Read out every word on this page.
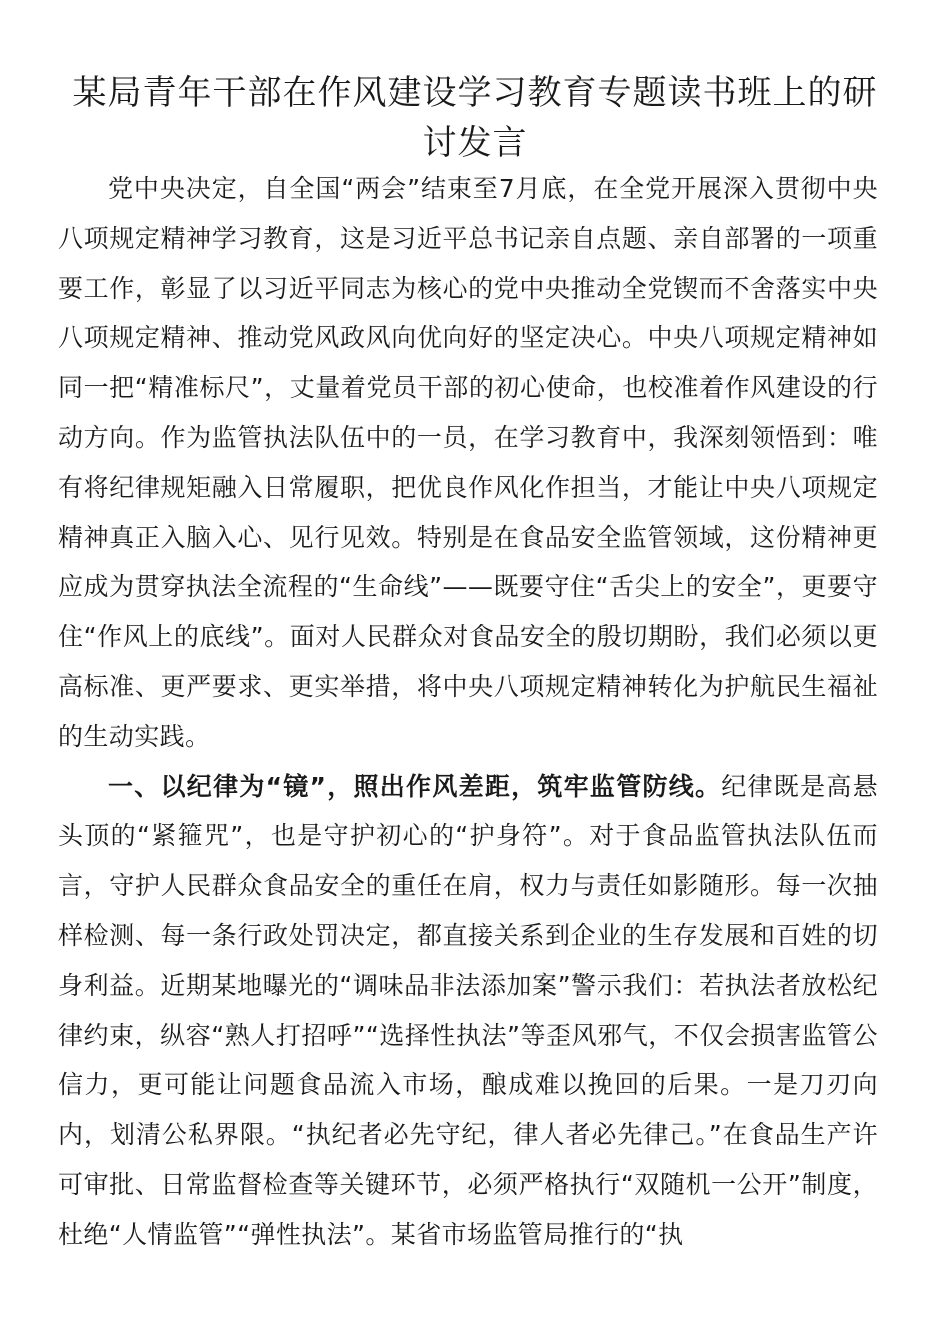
某局青年干部在作风建设学习教育专题读书班上的研讨发言

党中央决定，自全国“两会”结束至7月底，在全党开展深入贯彻中央八项规定精神学习教育，这是习近平总书记亲自点题、亲自部署的一项重要工作，彰显了以习近平同志为核心的党中央推动全党锲而不舍落实中央八项规定精神、推动党风政风向优向好的坚定决心。中央八项规定精神如同一把“精准标尺”，丈量着党员干部的初心使命，也校准着作风建设的行动方向。作为监管执法队伍中的一员，在学习教育中，我深刻领悟到：唯有将纪律规矩融入日常履职，把优良作风化作担当，才能让中央八项规定精神真正入脑入心、见行见效。特别是在食品安全监管领域，这份精神更应成为贯穿执法全流程的“生命线”——既要守住“舌尖上的安全”，更要守住“作风上的底线”。面对人民群众对食品安全的殷切期盼，我们必须以更高标准、更严要求、更实举措，将中央八项规定精神转化为护航民生福祉的生动实践。

一、以纪律为“镜”，照出作风差距，筑牢监管防线。纪律既是高悬头顶的“紧箍咒”，也是守护初心的“护身符”。对于食品监管执法队伍而言，守护人民群众食品安全的重任在肩，权力与责任如影随形。每一次抽样检测、每一条行政处罚决定，都直接关系到企业的生存发展和百姓的切身利益。近期某地曝光的“调味品非法添加案”警示我们：若执法者放松纪律约束，纵容“熟人打招呼”“选择性执法”等歪风邪气，不仅会损害监管公信力，更可能让问题食品流入市场，酿成难以挽回的后果。一是刀刃向内，划清公私界限。“执纪者必先守纪，律人者必先律己。”在食品生产许可审批、日常监督检查等关键环节，必须严格执行“双随机一公开”制度，杜绝“人情监管”“弹性执法”。某省市场监管局推行的“执
